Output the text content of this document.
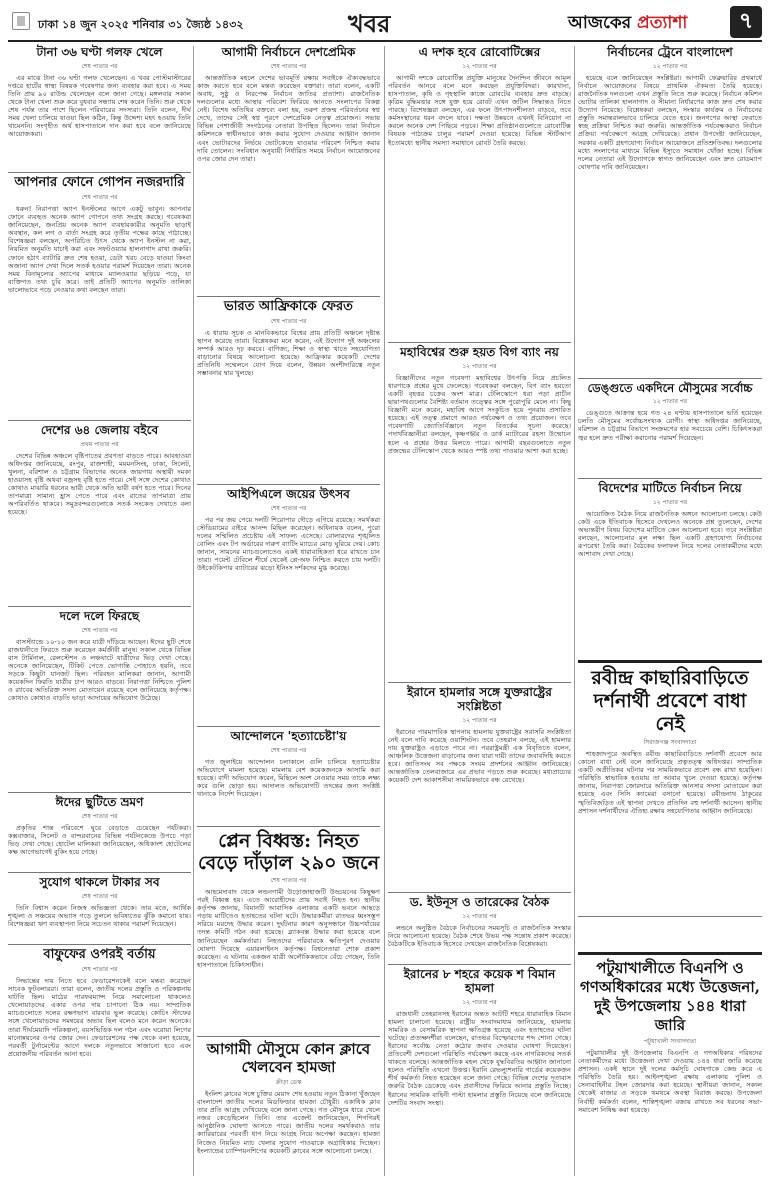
ঢাকা ১৪ জুন ২০২৫ শনিবার ৩১ জ্যৈষ্ঠ ১৪৩২	খবর	আজকের প্রত্যাশা	৭
টানা ৩৬ ঘণ্টা গলফ খেলে
শেষ পাতার পর

এর মাঝে টানা ৩৬ ঘণ্টা গলফ খেলেছেন। এ খবর পোস্টমাস্টারের দপ্তরে হার্টের স্বাস্থ্য বিষয়ক গবেষণার জন্য ব্যবহার করা হবে। এ সময় তিনি প্রায় ৯০ রাউন্ড খেলেছেন বলে জানা গেছে। মঙ্গলবার সকাল থেকে টানা খেলা শুরু করে বুধবার সন্ধ্যায় শেষ করেন তিনি। শুরু থেকে শেষ পর্যন্ত তার পাশে ছিলেন পরিবারের সদস্যরা। তিনি বলেন, দীর্ঘ সময় খেলা চালিয়ে যাওয়া ছিল কঠিন, কিন্তু উদ্দেশ্য মহৎ হওয়ায় তিনি থামেননি। সংগৃহীত অর্থ হাসপাতালে দান করা হবে বলে জানিয়েছে আয়োজকরা।

আপনার ফোনে গোপন নজরদারি
শেষ পাতার পর

ধরুন! নিরাপত্তা অ্যাপ ইনস্টলের আগে একটু ভাবুন। আপনার ফোনে ব্যবহৃত অনেক অ্যাপ গোপনে তথ্য সংগ্রহ করছে। গবেষকরা জানিয়েছেন, জনপ্রিয় অনেক অ্যাপ ব্যবহারকারীর অনুমতি ছাড়াই অবস্থান, কল লগ ও বার্তা সংগ্রহ করে তৃতীয় পক্ষের কাছে পাঠাচ্ছে। বিশেষজ্ঞরা বলছেন, অপরিচিত উৎস থেকে অ্যাপ ইনস্টল না করা, নিয়মিত অনুমতি যাচাই করা এবং সফটওয়্যার হালনাগাদ রাখা জরুরি। ফোনে হঠাৎ ব্যাটারি দ্রুত শেষ হওয়া, ডেটা খরচ বেড়ে যাওয়া কিংবা অজানা অ্যাপ দেখা দিলে সতর্ক হওয়ার পরামর্শ দিয়েছেন তারা। অনেক সময় বিনামূল্যের অ্যাপের মাধ্যমে ম্যালওয়্যার ছড়িয়ে পড়ে, যা ব্যক্তিগত তথ্য চুরি করে। তাই প্রতিটি অ্যাপের অনুমতি তালিকা ভালোভাবে পড়ে নেওয়ার কথা বলছেন তারা।

দেশের ৬৪ জেলায় বইবে
প্রথম পাতার পর

দেশের বিভিন্ন অঞ্চলে বৃষ্টিপাতের প্রবণতা বাড়তে পারে। আবহাওয়া অধিদপ্তর জানিয়েছে, রংপুর, রাজশাহী, ময়মনসিংহ, ঢাকা, সিলেট, খুলনা, বরিশাল ও চট্টগ্রাম বিভাগের অনেক জায়গায় অস্থায়ী দমকা হাওয়াসহ বৃষ্টি অথবা বজ্রসহ বৃষ্টি হতে পারে। সেই সঙ্গে দেশের কোথাও কোথাও মাঝারি ধরনের ভারী থেকে অতি ভারী বর্ষণ হতে পারে। দিনের তাপমাত্রা সামান্য হ্রাস পেতে পারে এবং রাতের তাপমাত্রা প্রায় অপরিবর্তিত থাকবে। সমুদ্রবন্দরগুলোকে সতর্ক সংকেত দেখাতে বলা হয়েছে।

দলে দলে ফিরছে
শেষ পাতার পর

বাসস্ট্যান্ডে ১০-১০ জন করে যাত্রী দাঁড়িয়ে আছেন। ঈদের ছুটি শেষে রাজধানীতে ফিরতে শুরু করেছেন কর্মজীবী মানুষ। সকাল থেকে বিভিন্ন বাস টার্মিনাল, রেলস্টেশন ও লঞ্চঘাটে যাত্রীদের ভিড় দেখা গেছে। অনেকে জানিয়েছেন, টিকিট পেতে ভোগান্তি পোহাতে হয়নি, তবে সড়কে কিছুটা যানজট ছিল। পরিবহন মালিকরা জানান, আগামী কয়েকদিন ফিরতি যাত্রীর চাপ আরও বাড়বে। নিরাপত্তা নিশ্চিতে পুলিশ ও র‍্যাবের অতিরিক্ত সদস্য মোতায়েন রয়েছে বলে জানিয়েছে কর্তৃপক্ষ। কোথাও কোথাও বাড়তি ভাড়া আদায়ের অভিযোগ উঠেছে।

ঈদের ছুটিতে ভ্রমণ
শেষ পাতার পর

প্রকৃতির শান্ত পরিবেশে ঘুরে বেড়াতে চেয়েছেন পর্যটকরা। কক্সবাজার, সিলেট ও বান্দরবানের বিভিন্ন পর্যটনকেন্দ্রে উপচে পড়া ভিড় দেখা গেছে। হোটেল মালিকরা জানিয়েছেন, অধিকাংশ হোটেলের কক্ষ আগেভাগেই বুকিং হয়ে গেছে।

সুযোগ থাকলে টাকার সব
শেষ পাতার পর

তিনি বিশ্বাস করেন নিজস্ব অভিজ্ঞতা থেকে। তার মতে, আর্থিক শৃঙ্খলা ও সঞ্চয়ের অভ্যাস গড়ে তুললে ভবিষ্যতের ঝুঁকি কমানো যায়। বিশেষজ্ঞরা ঋণ ব্যবস্থাপনা নিয়ে সচেতন থাকার পরামর্শ দিয়েছেন।

বাফুফের ওপরই বর্তায়
শেষ পাতার পর

সিদ্ধান্তের দায় নিতে হবে ফেডারেশনকেই বলে মন্তব্য করেছেন সাবেক ফুটবলাররা। তারা বলেন, জাতীয় দলের প্রস্তুতি ও পরিকল্পনায় ঘাটতি ছিল। মাঠের পারফরম্যান্স নিয়ে সমালোচনা থাকলেও খেলোয়াড়দের একার ওপর দায় চাপানো ঠিক নয়। সাম্প্রতিক ম্যাচগুলোতে দলের রক্ষণভাগ বারবার ভুল করেছে। কোচিং স্টাফের সঙ্গে খেলোয়াড়দের সমন্বয়ের অভাব ছিল বলেও মনে করেন অনেকে। তারা দীর্ঘমেয়াদি পরিকল্পনা, বয়সভিত্তিক দল গঠন এবং ঘরোয়া লিগের মানোন্নয়নের ওপর জোর দেন। ফেডারেশনের পক্ষ থেকে বলা হয়েছে, পরবর্তী টুর্নামেন্টের আগে দলকে নতুনভাবে সাজানো হবে এবং প্রয়োজনীয় পরিবর্তন আনা হবে।

আগামী নির্বাচনে দেশপ্রেমিক
শেষ পাতার পর

আন্তর্জাতিক মহলে দেশের ভাবমূর্তি রক্ষায় সবাইকে ঐক্যবদ্ধভাবে কাজ করতে হবে বলে মন্তব্য করেছেন বক্তারা। তারা বলেন, একটি অবাধ, সুষ্ঠু ও নিরপেক্ষ নির্বাচন জাতির প্রত্যাশা। রাজনৈতিক দলগুলোর মধ্যে আস্থার পরিবেশ ফিরিয়ে আনতে সংলাপের বিকল্প নেই। বিশেষ অতিথির বক্তব্যে বলা হয়, তরুণ প্রজন্ম পরিবর্তনের স্বপ্ন দেখে, তাদের সেই স্বপ্ন পূরণে দেশপ্রেমিক নেতৃত্ব প্রয়োজন। সভায় বিভিন্ন পেশাজীবী সংগঠনের নেতারা উপস্থিত ছিলেন। তারা নির্বাচন কমিশনকে স্বাধীনভাবে কাজ করার সুযোগ দেওয়ার আহ্বান জানান এবং ভোটারদের নির্ভয়ে ভোটকেন্দ্রে যাওয়ার পরিবেশ নিশ্চিত করার দাবি তোলেন। সংবিধান অনুযায়ী নির্ধারিত সময়ে নির্বাচন আয়োজনের ওপর জোর দেন তারা।

ভারত আফ্রিকাকে ফেরত
শেষ পাতার পর

এ ধারায় সূচক ও মানবিকভাবে বিশ্বের প্রায় প্রতিটি অঞ্চলে দৃষ্টান্ত স্থাপন করেছে তারা। বিশ্লেষকরা মনে করেন, এই উদ্যোগ দুই অঞ্চলের সম্পর্ক আরও দৃঢ় করবে। বাণিজ্য, শিক্ষা ও স্বাস্থ্য খাতে সহযোগিতা বাড়ানোর বিষয়ে আলোচনা হয়েছে। আফ্রিকার কয়েকটি দেশের প্রতিনিধি সম্মেলনে যোগ দিয়ে বলেন, উন্নয়ন অংশীদারিত্বে নতুন সম্ভাবনার দ্বার খুলছে।

আইপিএলে জয়ের উৎসব
শেষ পাতার পর

পর পর জয় পেয়ে দলটি শিরোপার দৌড়ে এগিয়ে রয়েছে। সমর্থকরা স্টেডিয়ামের বাইরে আনন্দ মিছিল করেছেন। অধিনায়ক বলেন, পুরো দলের সম্মিলিত প্রচেষ্টায় এই সাফল্য এসেছে। বোলারদের শৃঙ্খলিত বোলিং এবং টপ অর্ডারের দারুণ ব্যাটিং ম্যাচের মোড় ঘুরিয়ে দেয়। কোচ জানান, সামনের ম্যাচগুলোতেও একই ধারাবাহিকতা ধরে রাখতে চান তারা। পয়েন্ট টেবিলে শীর্ষে থেকেই প্লে-অফ নিশ্চিত করতে চায় দলটি। উইকেটকিপার ব্যাটারের ঝড়ো ইনিংস দর্শকদের মুগ্ধ করেছে।

আন্দোলনে 'হত্যাচেষ্টা'য়
শেষ পাতার পর

গত জুলাইয়ে আন্দোলন চলাকালে গুলি চালিয়ে হত্যাচেষ্টার অভিযোগে মামলা হয়েছে। মামলায় বেশ কয়েকজনকে আসামি করা হয়েছে। বাদী অভিযোগ করেন, মিছিলে অংশ নেওয়ার সময় তাকে লক্ষ্য করে গুলি ছোড়া হয়। আদালত অভিযোগটি তদন্তের জন্য সংশ্লিষ্ট থানাকে নির্দেশ দিয়েছেন।

প্লেন বিধ্বস্ত: নিহত বেড়ে দাঁড়াল ২৯০ জনে
শেষ পাতার পর

আহমেদাবাদ থেকে লন্ডনগামী উড়োজাহাজটি উড্ডয়নের কিছুক্ষণ পরই বিধ্বস্ত হয়। এতে আরোহীদের প্রায় সবাই নিহত হন। স্থানীয় কর্তৃপক্ষ জানায়, বিমানটি আবাসিক এলাকার একটি ভবনে আছড়ে পড়ায় মাটিতেও হতাহতের ঘটনা ঘটে। উদ্ধারকর্মীরা রাতভর ধ্বংসস্তূপ সরিয়ে মরদেহ উদ্ধার করেন। দুর্ঘটনার কারণ অনুসন্ধানে উচ্চপর্যায়ের তদন্ত কমিটি গঠন করা হয়েছে। ব্ল্যাকবক্স উদ্ধার করা হয়েছে বলে জানিয়েছেন কর্মকর্তারা। নিহতদের পরিবারকে ক্ষতিপূরণ দেওয়ার ঘোষণা দিয়েছে এয়ারলাইনস কর্তৃপক্ষ। বিশ্বনেতারা শোক প্রকাশ করেছেন। এ ঘটনায় একজন যাত্রী অলৌকিকভাবে বেঁচে গেছেন, তিনি হাসপাতালে চিকিৎসাধীন।

আগামী মৌসুমে কোন ক্লাবে খেলবেন হামজা
ক্রীড়া ডেস্ক

ইংলিশ ক্লাবের সঙ্গে চুক্তির মেয়াদ শেষ হওয়ায় নতুন ঠিকানা খুঁজছেন বাংলাদেশ জাতীয় দলের মিডফিল্ডার হামজা চৌধুরী। একাধিক ক্লাব তার প্রতি আগ্রহ দেখিয়েছে বলে জানা গেছে। গত মৌসুমে ধারে খেলে নজর কেড়েছিলেন তিনি। তার এজেন্ট জানিয়েছেন, শিগগিরই আনুষ্ঠানিক ঘোষণা আসতে পারে। জাতীয় দলের সমর্থকরাও তার ক্যারিয়ারের পরবর্তী ধাপ নিয়ে আগ্রহ নিয়ে অপেক্ষা করছেন। হামজা নিজেও নিয়মিত ম্যাচ খেলার সুযোগ পাওয়াকে অগ্রাধিকার দিচ্ছেন। ইংল্যান্ডের চ্যাম্পিয়নশিপের কয়েকটি ক্লাবের সঙ্গে আলোচনা চলছে।

এ দশক হবে রোবোটিক্সের
১২ পাতার পর

আগামী দশকে রোবোটিক্স প্রযুক্তি মানুষের দৈনন্দিন জীবনে আমূল পরিবর্তন আনবে বলে মনে করছেন প্রযুক্তিবিদরা। কারখানা, হাসপাতাল, কৃষি ও গৃহস্থালি কাজে রোবটের ব্যবহার দ্রুত বাড়ছে। কৃত্রিম বুদ্ধিমত্তার সঙ্গে যুক্ত হয়ে রোবট এখন জটিল সিদ্ধান্তও নিতে পারছে। বিশেষজ্ঞরা বলছেন, এর ফলে উৎপাদনশীলতা বাড়বে, তবে কর্মসংস্থানের ধরন বদলে যাবে। দক্ষতা উন্নয়নে এখনই বিনিয়োগ না করলে অনেক দেশ পিছিয়ে পড়বে। শিক্ষা প্রতিষ্ঠানগুলোতে রোবোটিক্স বিষয়ক পাঠ্যক্রম চালুর পরামর্শ দেওয়া হয়েছে। বিভিন্ন স্টার্টআপ ইতোমধ্যে স্থানীয় সমস্যা সমাধানে রোবট তৈরি করছে।

মহাবিশ্বের শুরু হয়ত বিগ ব্যাং নয়
১২ পাতার পর

বিজ্ঞানীদের নতুন গবেষণা মহাবিশ্বের উৎপত্তি নিয়ে প্রচলিত ধারণাকে প্রশ্নের মুখে ফেলেছে। গবেষকরা বলছেন, বিগ ব্যাং হয়তো একটি বৃহত্তর চক্রের অংশ মাত্র। টেলিস্কোপে ধরা পড়া প্রাচীন ছায়াপথগুলোর বৈশিষ্ট্য বর্তমান তত্ত্বের সঙ্গে পুরোপুরি মেলে না। কিছু বিজ্ঞানী মনে করেন, মহাবিশ্ব আগে সংকুচিত হয়ে পুনরায় প্রসারিত হয়েছে। এই তত্ত্ব প্রমাণে আরও পর্যবেক্ষণ ও তথ্য প্রয়োজন। তবে গবেষণাটি জ্যোতির্বিজ্ঞানে নতুন বিতর্কের সূচনা করেছে। পদার্থবিজ্ঞানীরা বলছেন, কৃষ্ণগহ্বর ও ডার্ক ম্যাটারের রহস্য উন্মোচন হলে এ প্রশ্নের উত্তর মিলতে পারে। আগামী বছরগুলোতে নতুন প্রজন্মের টেলিস্কোপ থেকে আরও স্পষ্ট তথ্য পাওয়ার আশা করা হচ্ছে।

ইরানে হামলার সঙ্গে যুক্তরাষ্ট্রের সংশ্লিষ্টতা
১২ পাতার পর

ইরানের পারমাণবিক স্থাপনায় হামলায় যুক্তরাষ্ট্রের সরাসরি সংশ্লিষ্টতা নেই বলে দাবি করেছে ওয়াশিংটন। তবে তেহরান বলছে, এই হামলার দায় যুক্তরাষ্ট্রও এড়াতে পারে না। পররাষ্ট্রমন্ত্রী এক বিবৃতিতে বলেন, আঞ্চলিক উত্তেজনা বাড়ানোর জন্য যারা দায়ী তাদের জবাবদিহি করতে হবে। জাতিসংঘ সব পক্ষকে সংযম প্রদর্শনের আহ্বান জানিয়েছে। আন্তর্জাতিক তেলবাজারে এর প্রভাব পড়তে শুরু করেছে। মধ্যপ্রাচ্যের কয়েকটি দেশ আকাশসীমা সাময়িকভাবে বন্ধ রেখেছে।

ড. ইউনূস ও তারেকের বৈঠক
১২ পাতার পর

লন্ডনে অনুষ্ঠিত বৈঠকে নির্বাচনের সময়সূচি ও রাজনৈতিক সংস্কার নিয়ে আলোচনা হয়েছে। বৈঠক শেষে উভয় পক্ষ সন্তোষ প্রকাশ করেছে। বৈঠকটিকে ইতিবাচক হিসেবে দেখছেন রাজনৈতিক বিশ্লেষকরা।

ইরানের ৮ শহরে কয়েক শ বিমান হামলা
১২ পাতার পর

রাজধানী তেহরানসহ ইরানের অন্তত আটটি শহরে ধারাবাহিক বিমান হামলা চালানো হয়েছে। রাষ্ট্রীয় সংবাদমাধ্যম জানিয়েছে, হামলায় সামরিক ও বেসামরিক স্থাপনা ক্ষতিগ্রস্ত হয়েছে এবং হতাহতের ঘটনা ঘটেছে। প্রত্যক্ষদর্শীরা বলেছেন, রাতভর বিস্ফোরণের শব্দ শোনা গেছে। ইরানের সর্বোচ্চ নেতা কঠোর জবাব দেওয়ার ঘোষণা দিয়েছেন। প্রতিবেশী দেশগুলো পরিস্থিতি পর্যবেক্ষণ করছে এবং নাগরিকদের সতর্ক থাকতে বলেছে। আন্তর্জাতিক মহল থেকে যুদ্ধবিরতির আহ্বান জানানো হলেও পরিস্থিতি এখনো উত্তপ্ত। ইরানি রেভল্যুশনারি গার্ডের কয়েকজন শীর্ষ কর্মকর্তা নিহত হয়েছেন বলে জানা গেছে। বিভিন্ন দেশের দূতাবাস জরুরি বৈঠক ডেকেছে এবং প্রবাসীদের ফিরিয়ে আনার প্রস্তুতি নিচ্ছে। ইরানের সামরিক বাহিনী পাল্টা হামলার প্রস্তুতি নিয়েছে বলে জানিয়েছে দেশটির সংবাদ সংস্থা।

নির্বাচনের ট্রেনে বাংলাদেশ
১২ পাতার পর

হয়েছে বলে জানিয়েছেন সংশ্লিষ্টরা। আগামী ফেব্রুয়ারির প্রথমার্ধে নির্বাচন আয়োজনের বিষয়ে প্রাথমিক ঐকমত্য তৈরি হয়েছে। রাজনৈতিক দলগুলো এখন প্রস্তুতি নিতে শুরু করেছে। নির্বাচন কমিশন ভোটার তালিকা হালনাগাদ ও সীমানা নির্ধারণের কাজ দ্রুত শেষ করার উদ্যোগ নিয়েছে। বিশ্লেষকরা বলছেন, সংস্কার কার্যক্রম ও নির্বাচনের প্রস্তুতি সমান্তরালভাবে চালিয়ে যেতে হবে। জনগণের আস্থা ফেরাতে স্বচ্ছ প্রক্রিয়া নিশ্চিত করা জরুরি। আন্তর্জাতিক পর্যবেক্ষকরাও নির্বাচন প্রক্রিয়া পর্যবেক্ষণে আগ্রহ দেখিয়েছে। প্রধান উপদেষ্টা জানিয়েছেন, সরকার একটি গ্রহণযোগ্য নির্বাচন আয়োজনে প্রতিশ্রুতিবদ্ধ। দলগুলোর মধ্যে সংলাপের মাধ্যমে বিভিন্ন ইস্যুতে সমাধান খোঁজা হচ্ছে। বিভিন্ন দলের নেতারা এই উদ্যোগকে স্বাগত জানিয়েছেন এবং দ্রুত রোডম্যাপ ঘোষণার দাবি জানিয়েছেন।

ডেঙ্গুতে একদিনে মৌসুমের সর্বোচ্চ
১২ পাতার পর

ডেঙ্গুতে আক্রান্ত হয়ে গত ২৪ ঘণ্টায় হাসপাতালে ভর্তি হয়েছেন চলতি মৌসুমের সর্বোচ্চসংখ্যক রোগী। স্বাস্থ্য অধিদপ্তর জানিয়েছে, বরিশাল ও চট্টগ্রাম বিভাগে সংক্রমণের হার সবচেয়ে বেশি। চিকিৎসকরা জ্বর হলে দ্রুত পরীক্ষা করানোর পরামর্শ দিয়েছেন।

বিদেশের মাটিতে নির্বাচন নিয়ে
১২ পাতার পর

আয়োজিত বৈঠক নিয়ে রাজনৈতিক অঙ্গনে আলোচনা চলছে। কেউ কেউ একে ইতিবাচক হিসেবে দেখলেও অনেকে প্রশ্ন তুলেছেন, দেশের অভ্যন্তরীণ বিষয় বিদেশের মাটিতে কেন আলোচনা হবে। তবে সংশ্লিষ্টরা বলছেন, আলোচনার মূল লক্ষ্য ছিল একটি গ্রহণযোগ্য নির্বাচনের রূপরেখা তৈরি করা। বৈঠকের ফলাফল নিয়ে দলের নেতাকর্মীদের মধ্যে আশাবাদ দেখা গেছে।

রবীন্দ্র কাছারিবাড়িতে দর্শনার্থী প্রবেশে বাধা নেই
সিরাজগঞ্জ সংবাদদাতা

শাহজাদপুরে অবস্থিত রবীন্দ্র কাছারিবাড়িতে দর্শনার্থী প্রবেশে আর কোনো বাধা নেই বলে জানিয়েছে প্রত্নতত্ত্ব অধিদপ্তর। সাম্প্রতিক একটি অপ্রীতিকর ঘটনার পর সাময়িকভাবে প্রবেশ বন্ধ রাখা হয়েছিল। পরিস্থিতি স্বাভাবিক হওয়ায় তা আবার খুলে দেওয়া হয়েছে। কর্তৃপক্ষ জানায়, নিরাপত্তা জোরদারে অতিরিক্ত আনসার সদস্য মোতায়েন করা হয়েছে এবং সিসি ক্যামেরা বসানো হয়েছে। রবীন্দ্রনাথ ঠাকুরের স্মৃতিবিজড়িত এই স্থাপনা দেখতে প্রতিদিন বহু দর্শনার্থী আসেন। স্থানীয় প্রশাসন দর্শনার্থীদের ঐতিহ্য রক্ষায় সহযোগিতার আহ্বান জানিয়েছে।

পটুয়াখালীতে বিএনপি ও গণঅধিকারের মধ্যে উত্তেজনা, দুই উপজেলায় ১৪৪ ধারা জারি
পটুয়াখালী সংবাদদাতা

পটুয়াখালীর দুই উপজেলায় বিএনপি ও গণঅধিকার পরিষদের নেতাকর্মীদের মধ্যে উত্তেজনা দেখা দেওয়ায় ১৪৪ ধারা জারি করেছে প্রশাসন। একই স্থানে দুই দলের কর্মসূচি ঘোষণাকে কেন্দ্র করে এ পরিস্থিতি তৈরি হয়। আইনশৃঙ্খলা রক্ষায় এলাকায় পুলিশ ও সেনাবাহিনীর টহল জোরদার করা হয়েছে। স্থানীয়রা জানান, সকাল থেকেই বাজার ও সড়কে থমথমে অবস্থা বিরাজ করছে। উপজেলা নির্বাহী কর্মকর্তা বলেন, শান্তিশৃঙ্খলা বজায় রাখতে সব ধরনের সভা-সমাবেশ নিষিদ্ধ করা হয়েছে।
